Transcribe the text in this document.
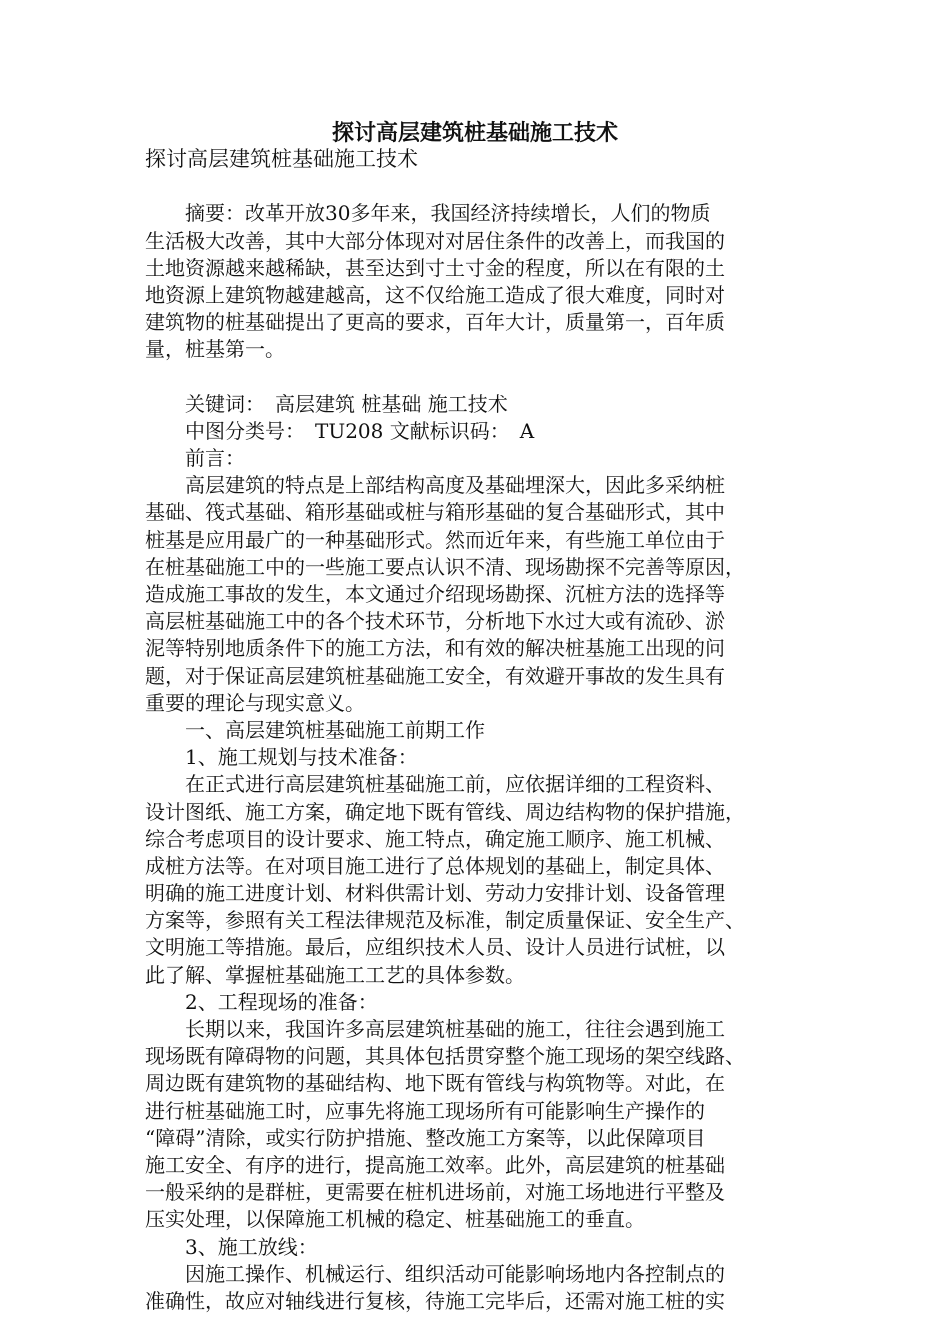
探讨高层建筑桩基础施工技术
探讨高层建筑桩基础施工技术
　　摘要：改革开放30多年来，我国经济持续增长，人们的物质
生活极大改善，其中大部分体现对对居住条件的改善上，而我国的
土地资源越来越稀缺，甚至达到寸土寸金的程度，所以在有限的土
地资源上建筑物越建越高，这不仅给施工造成了很大难度，同时对
建筑物的桩基础提出了更高的要求，百年大计，质量第一，百年质
量，桩基第一。
　　关键词：　高层建筑 桩基础 施工技术
　　中图分类号：　TU208 文献标识码：　A
　　前言：
　　高层建筑的特点是上部结构高度及基础埋深大，因此多采纳桩
基础、筏式基础、箱形基础或桩与箱形基础的复合基础形式，其中
桩基是应用最广的一种基础形式。然而近年来，有些施工单位由于
在桩基础施工中的一些施工要点认识不清、现场勘探不完善等原因，
造成施工事故的发生，本文通过介绍现场勘探、沉桩方法的选择等
高层桩基础施工中的各个技术环节，分析地下水过大或有流砂、淤
泥等特别地质条件下的施工方法，和有效的解决桩基施工出现的问
题，对于保证高层建筑桩基础施工安全，有效避开事故的发生具有
重要的理论与现实意义。
　　一、高层建筑桩基础施工前期工作
　　1、施工规划与技术准备：
　　在正式进行高层建筑桩基础施工前，应依据详细的工程资料、
设计图纸、施工方案，确定地下既有管线、周边结构物的保护措施，
综合考虑项目的设计要求、施工特点，确定施工顺序、施工机械、
成桩方法等。在对项目施工进行了总体规划的基础上，制定具体、
明确的施工进度计划、材料供需计划、劳动力安排计划、设备管理
方案等，参照有关工程法律规范及标准，制定质量保证、安全生产、
文明施工等措施。最后，应组织技术人员、设计人员进行试桩，以
此了解、掌握桩基础施工工艺的具体参数。
　　2、工程现场的准备：
　　长期以来，我国许多高层建筑桩基础的施工，往往会遇到施工
现场既有障碍物的问题，其具体包括贯穿整个施工现场的架空线路、
周边既有建筑物的基础结构、地下既有管线与构筑物等。对此，在
进行桩基础施工时，应事先将施工现场所有可能影响生产操作的
“障碍”清除，或实行防护措施、整改施工方案等，以此保障项目
施工安全、有序的进行，提高施工效率。此外，高层建筑的桩基础
一般采纳的是群桩，更需要在桩机进场前，对施工场地进行平整及
压实处理，以保障施工机械的稳定、桩基础施工的垂直。
　　3、施工放线：
　　因施工操作、机械运行、组织活动可能影响场地内各控制点的
准确性，故应对轴线进行复核，待施工完毕后，还需对施工桩的实
